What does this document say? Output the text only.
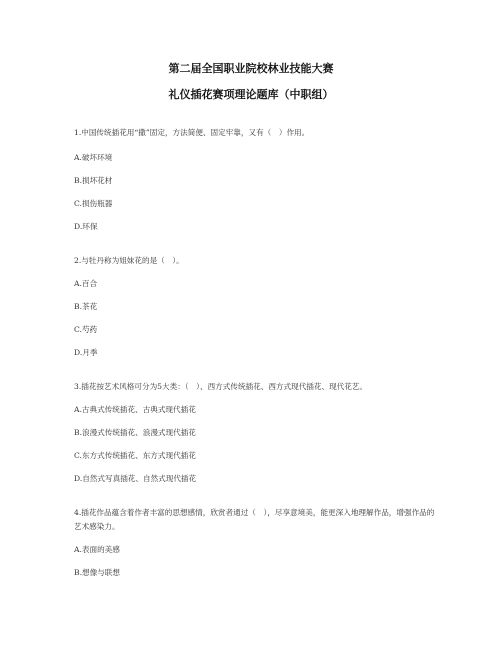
第二届全国职业院校林业技能大赛
礼仪插花赛项理论题库（中职组）
1.中国传统插花用“撒”固定，方法简便、固定牢靠，又有（　）作用。
A.破坏环境
B.损坏花材
C.损伤瓶器
D.环保
2.与牡丹称为姐妹花的是（　）。
A.百合
B.茶花
C.芍药
D.月季
3.插花按艺术风格可分为5大类：（　）、西方式传统插花、西方式现代插花、现代花艺。
A.古典式传统插花、古典式现代插花
B.浪漫式传统插花、浪漫式现代插花
C.东方式传统插花、东方式现代插花
D.自然式写真插花、自然式现代插花
4.插花作品蕴含着作者丰富的思想感情，欣赏者通过（　），尽享意境美，能更深入地理解作品，增强作品的艺术感染力。
A.表面的美感
B.想像与联想
